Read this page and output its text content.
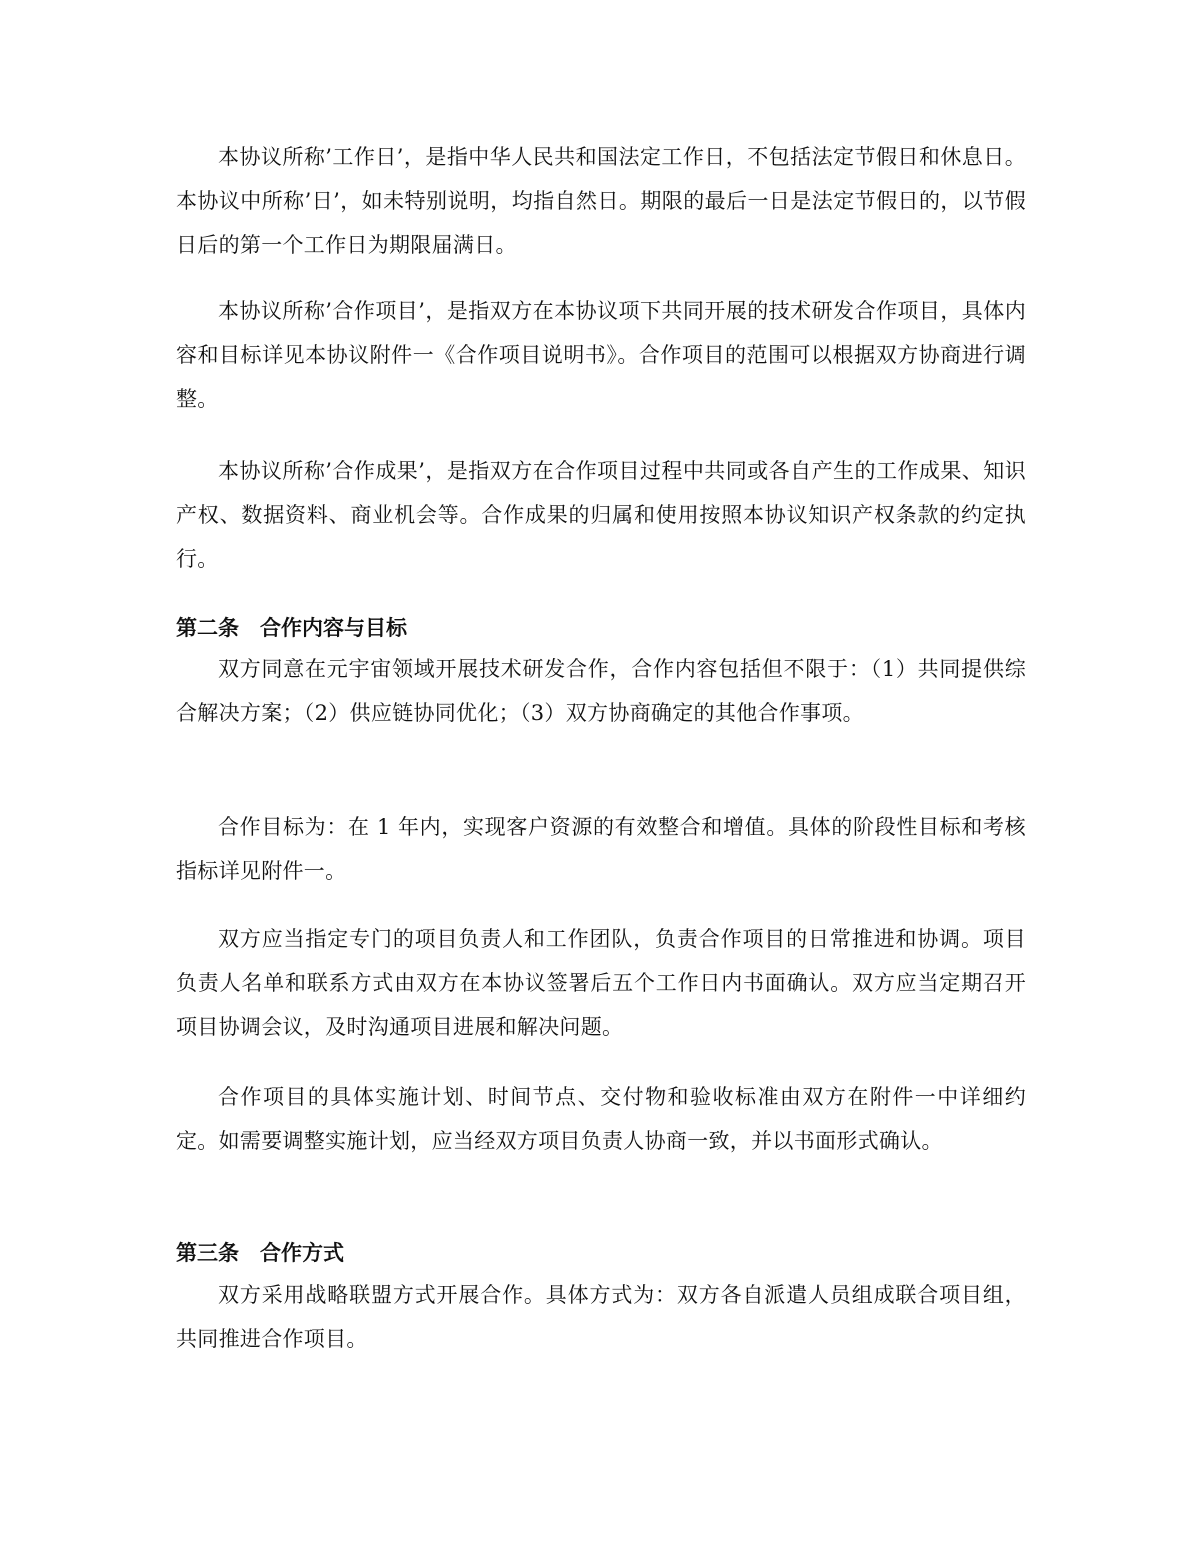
本协议所称’工作日’，是指中华人民共和国法定工作日，不包括法定节假日和休息日。本协议中所称’日’，如未特别说明，均指自然日。期限的最后一日是法定节假日的，以节假日后的第一个工作日为期限届满日。

本协议所称’合作项目’，是指双方在本协议项下共同开展的技术研发合作项目，具体内容和目标详见本协议附件一《合作项目说明书》。合作项目的范围可以根据双方协商进行调整。

本协议所称’合作成果’，是指双方在合作项目过程中共同或各自产生的工作成果、知识产权、数据资料、商业机会等。合作成果的归属和使用按照本协议知识产权条款的约定执行。

第二条　合作内容与目标

双方同意在元宇宙领域开展技术研发合作，合作内容包括但不限于：（1）共同提供综合解决方案；（2）供应链协同优化；（3）双方协商确定的其他合作事项。

合作目标为：在 1 年内，实现客户资源的有效整合和增值。具体的阶段性目标和考核指标详见附件一。

双方应当指定专门的项目负责人和工作团队，负责合作项目的日常推进和协调。项目负责人名单和联系方式由双方在本协议签署后五个工作日内书面确认。双方应当定期召开项目协调会议，及时沟通项目进展和解决问题。

合作项目的具体实施计划、时间节点、交付物和验收标准由双方在附件一中详细约定。如需要调整实施计划，应当经双方项目负责人协商一致，并以书面形式确认。

第三条　合作方式

双方采用战略联盟方式开展合作。具体方式为：双方各自派遣人员组成联合项目组，共同推进合作项目。
